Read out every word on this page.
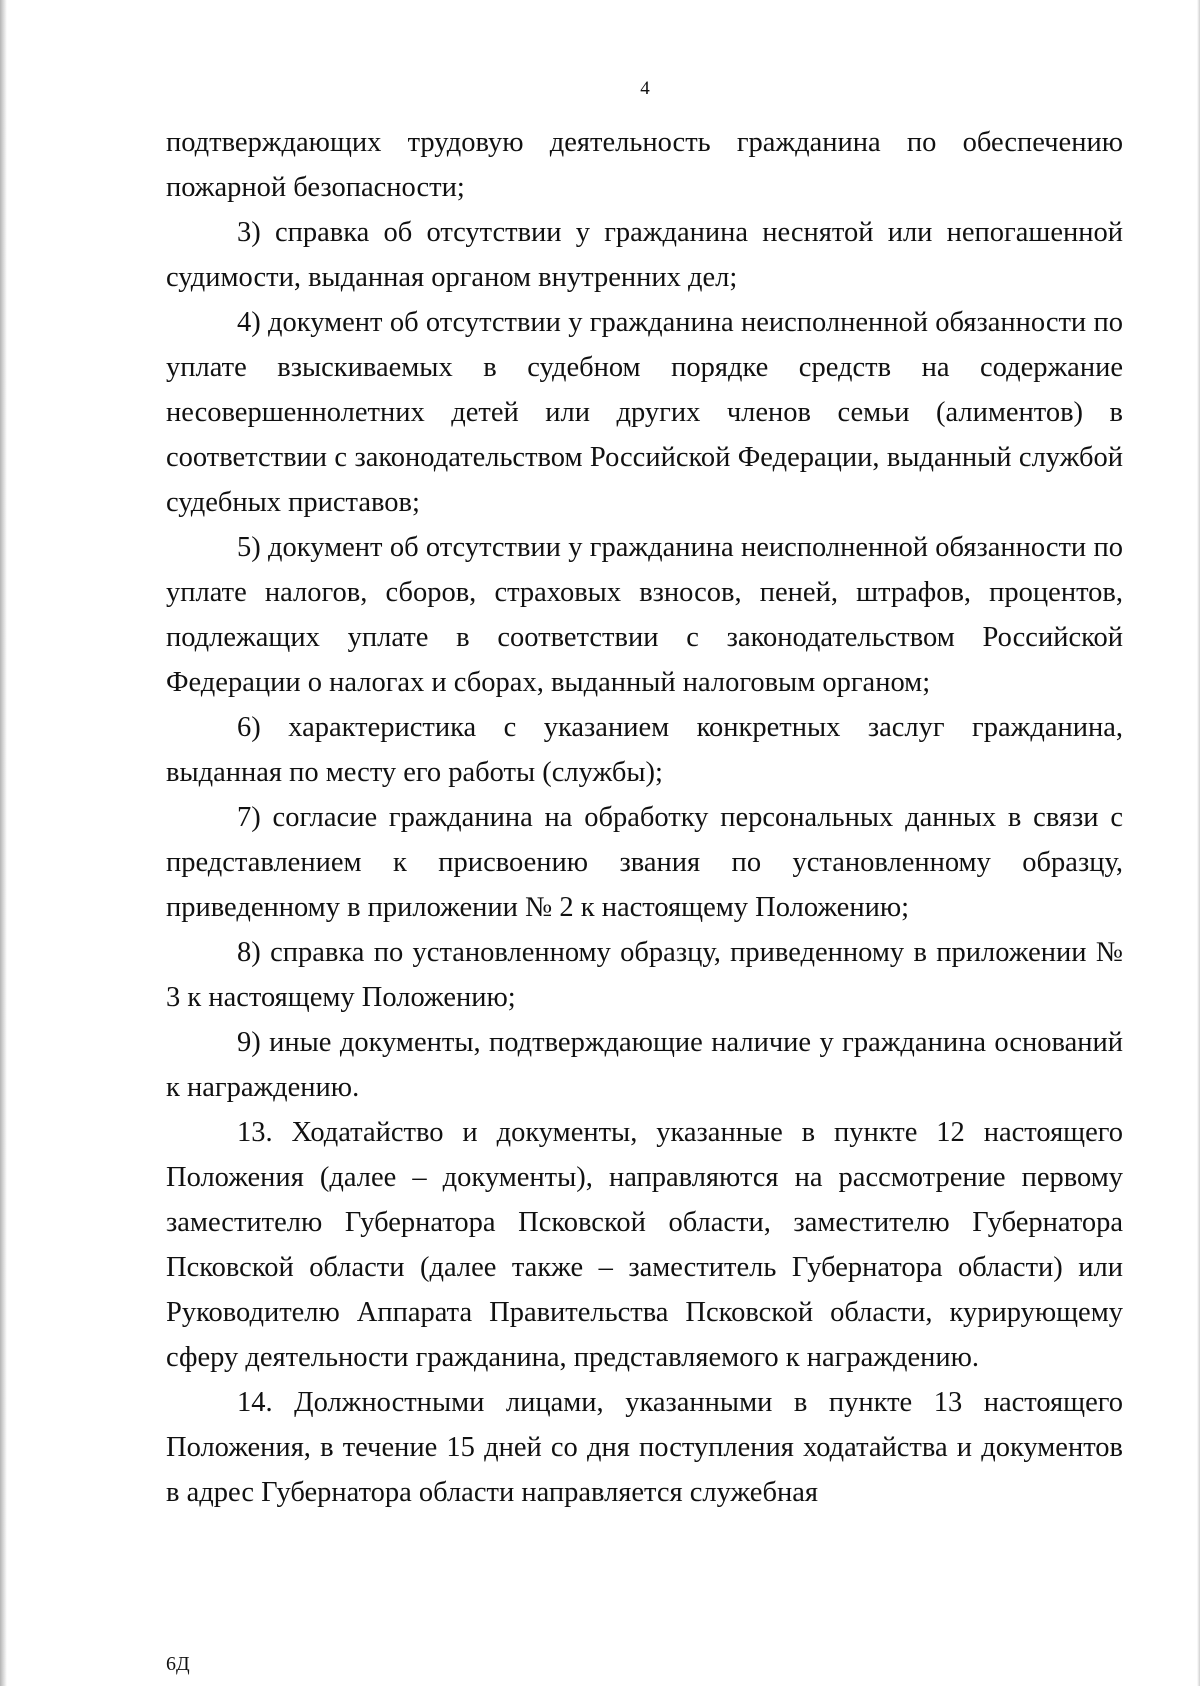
4

подтверждающих трудовую деятельность гражданина по обеспечению пожарной безопасности;

3) справка об отсутствии у гражданина неснятой или непогашенной судимости, выданная органом внутренних дел;

4) документ об отсутствии у гражданина неисполненной обязанности по уплате взыскиваемых в судебном порядке средств на содержание несовершеннолетних детей или других членов семьи (алиментов) в соответствии с законодательством Российской Федерации, выданный службой судебных приставов;

5) документ об отсутствии у гражданина неисполненной обязанности по уплате налогов, сборов, страховых взносов, пеней, штрафов, процентов, подлежащих уплате в соответствии с законодательством Российской Федерации о налогах и сборах, выданный налоговым органом;

6) характеристика с указанием конкретных заслуг гражданина, выданная по месту его работы (службы);

7) согласие гражданина на обработку персональных данных в связи с представлением к присвоению звания по установленному образцу, приведенному в приложении № 2 к настоящему Положению;

8) справка по установленному образцу, приведенному в приложении № 3 к настоящему Положению;

9) иные документы, подтверждающие наличие у гражданина оснований к награждению.

13. Ходатайство и документы, указанные в пункте 12 настоящего Положения (далее – документы), направляются на рассмотрение первому заместителю Губернатора Псковской области, заместителю Губернатора Псковской области (далее также – заместитель Губернатора области) или Руководителю Аппарата Правительства Псковской области, курирующему сферу деятельности гражданина, представляемого к награждению.

14. Должностными лицами, указанными в пункте 13 настоящего Положения, в течение 15 дней со дня поступления ходатайства и документов в адрес Губернатора области направляется служебная

6Д
